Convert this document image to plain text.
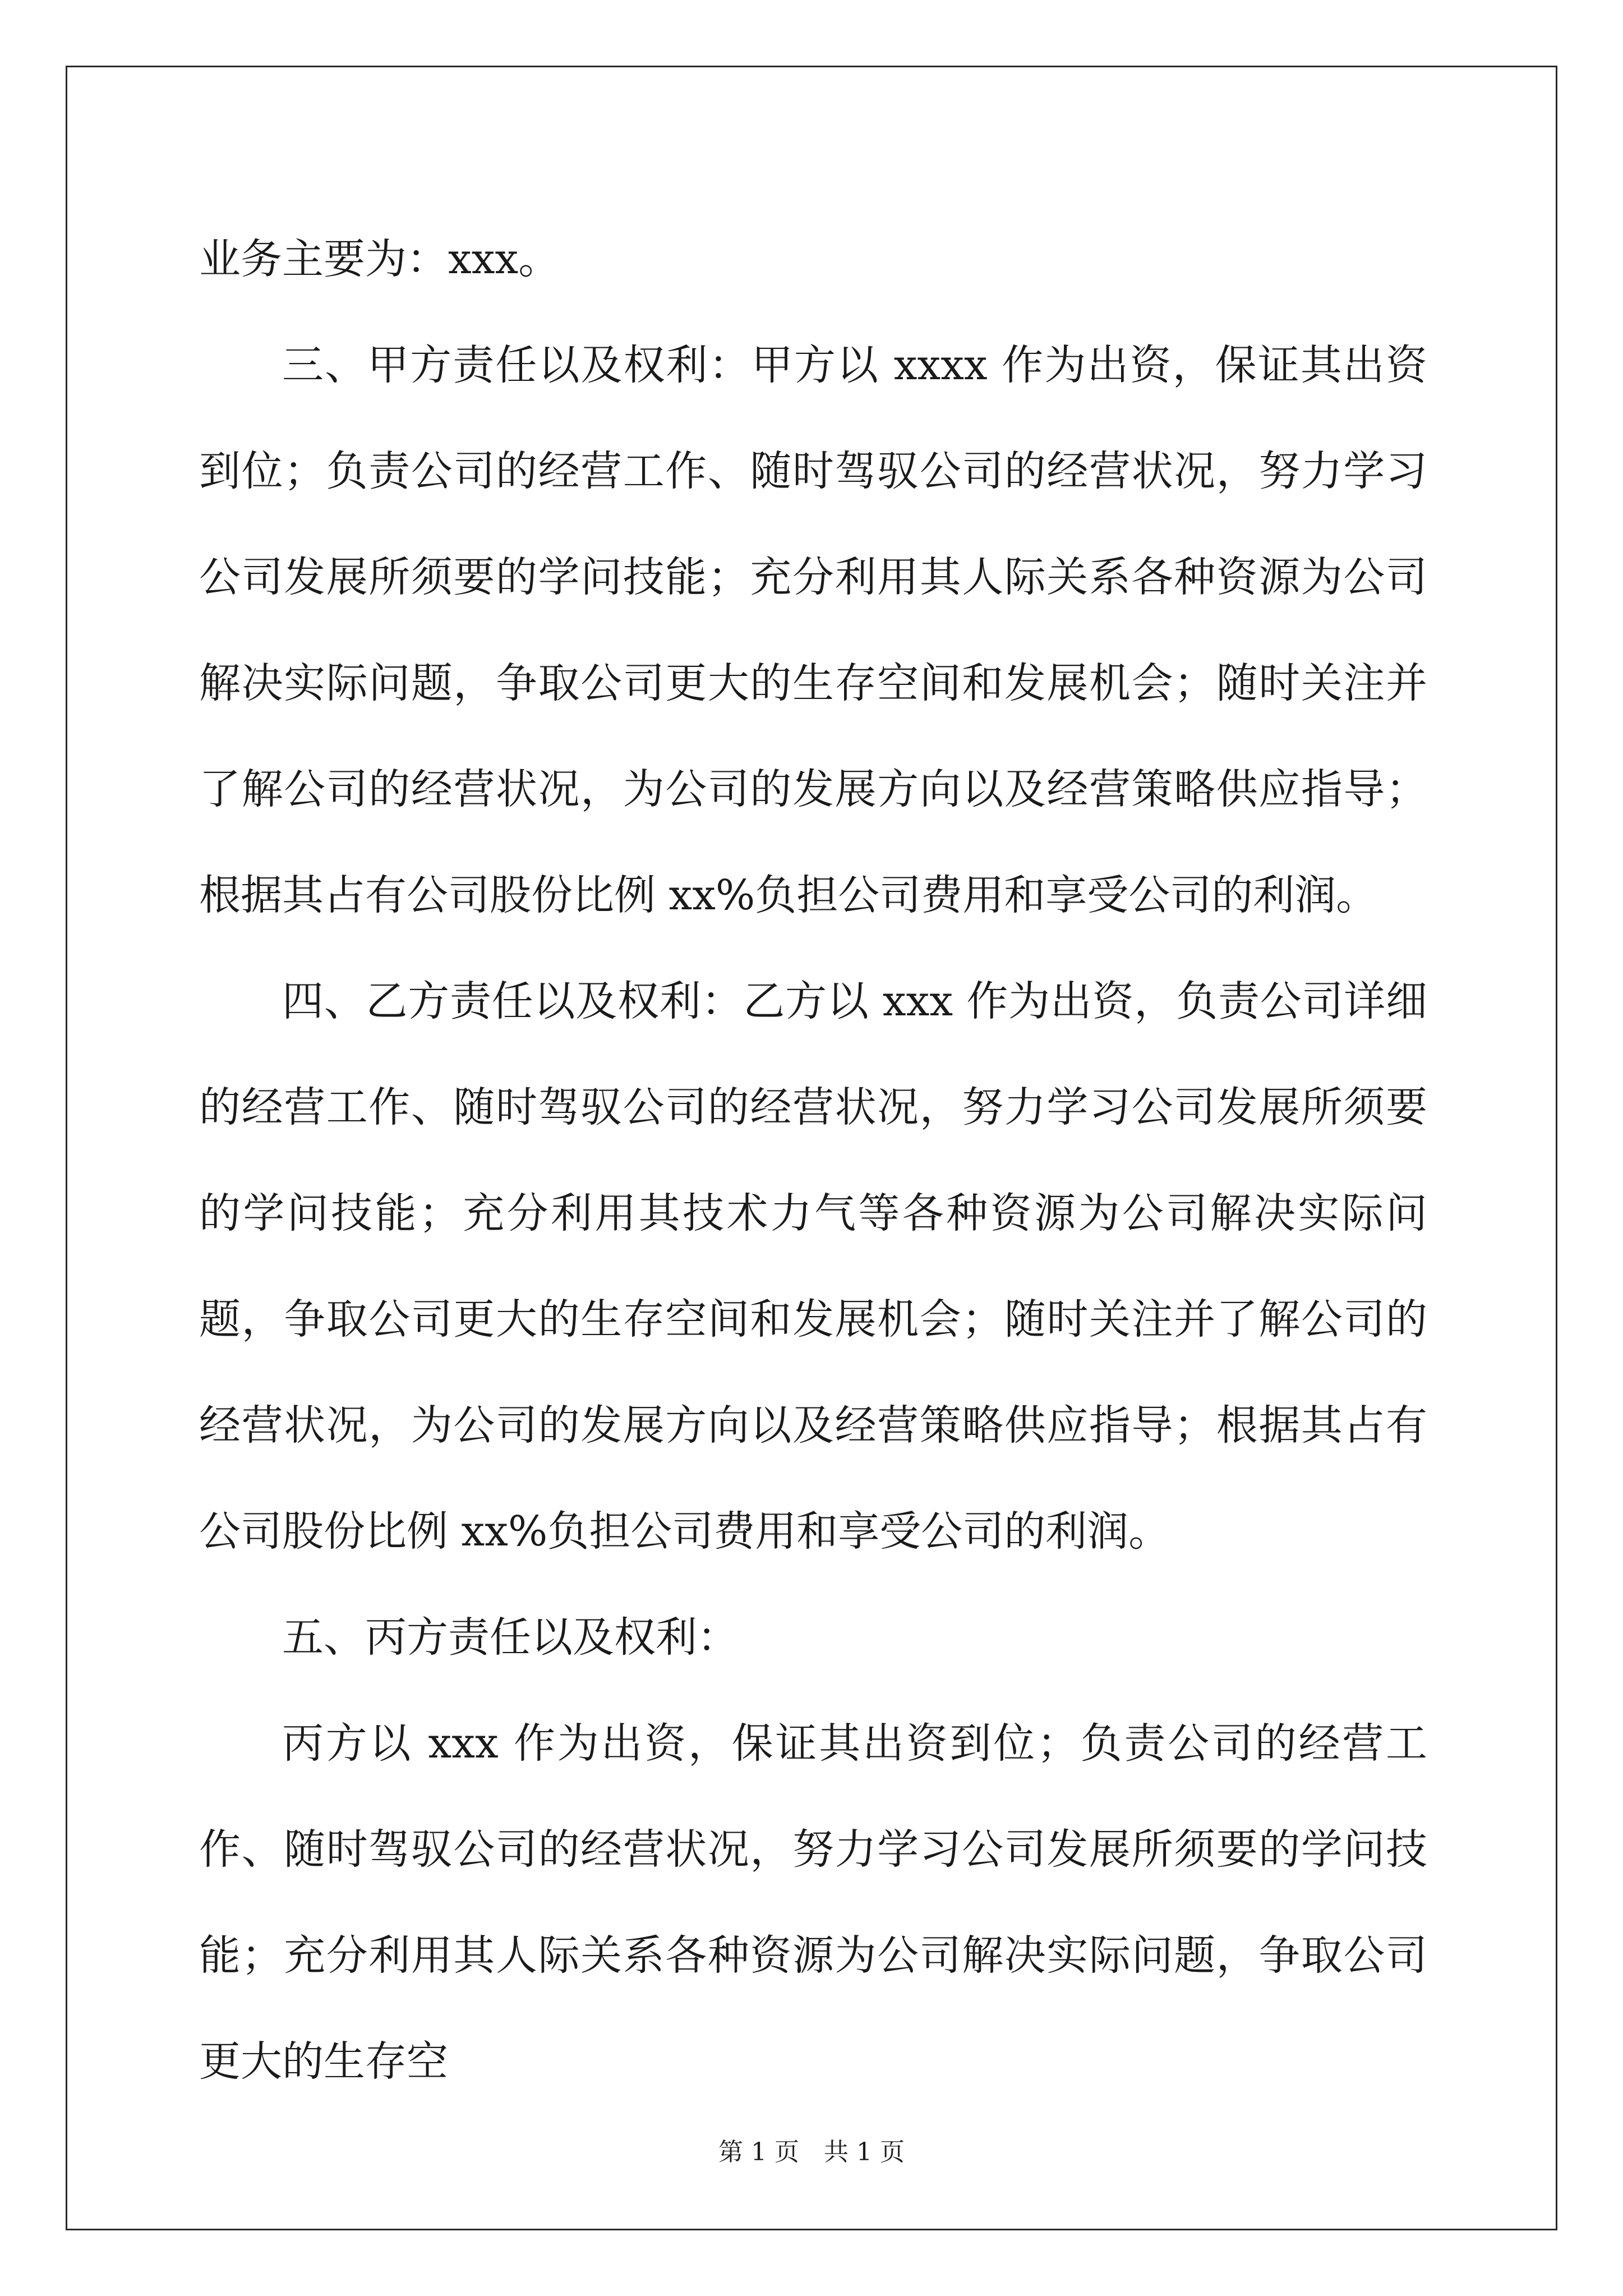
业务主要为：xxx。

三、甲方责任以及权利：甲方以 xxxx 作为出资，保证其出资到位；负责公司的经营工作、随时驾驭公司的经营状况，努力学习公司发展所须要的学问技能；充分利用其人际关系各种资源为公司解决实际问题，争取公司更大的生存空间和发展机会；随时关注并了解公司的经营状况，为公司的发展方向以及经营策略供应指导；根据其占有公司股份比例 xx%负担公司费用和享受公司的利润。

四、乙方责任以及权利：乙方以 xxx 作为出资，负责公司详细的经营工作、随时驾驭公司的经营状况，努力学习公司发展所须要的学问技能；充分利用其技术力气等各种资源为公司解决实际问题，争取公司更大的生存空间和发展机会；随时关注并了解公司的经营状况，为公司的发展方向以及经营策略供应指导；根据其占有公司股份比例 xx%负担公司费用和享受公司的利润。

五、丙方责任以及权利：

丙方以 xxx 作为出资，保证其出资到位；负责公司的经营工作、随时驾驭公司的经营状况，努力学习公司发展所须要的学问技能；充分利用其人际关系各种资源为公司解决实际问题，争取公司更大的生存空

第 1 页　共 1 页
